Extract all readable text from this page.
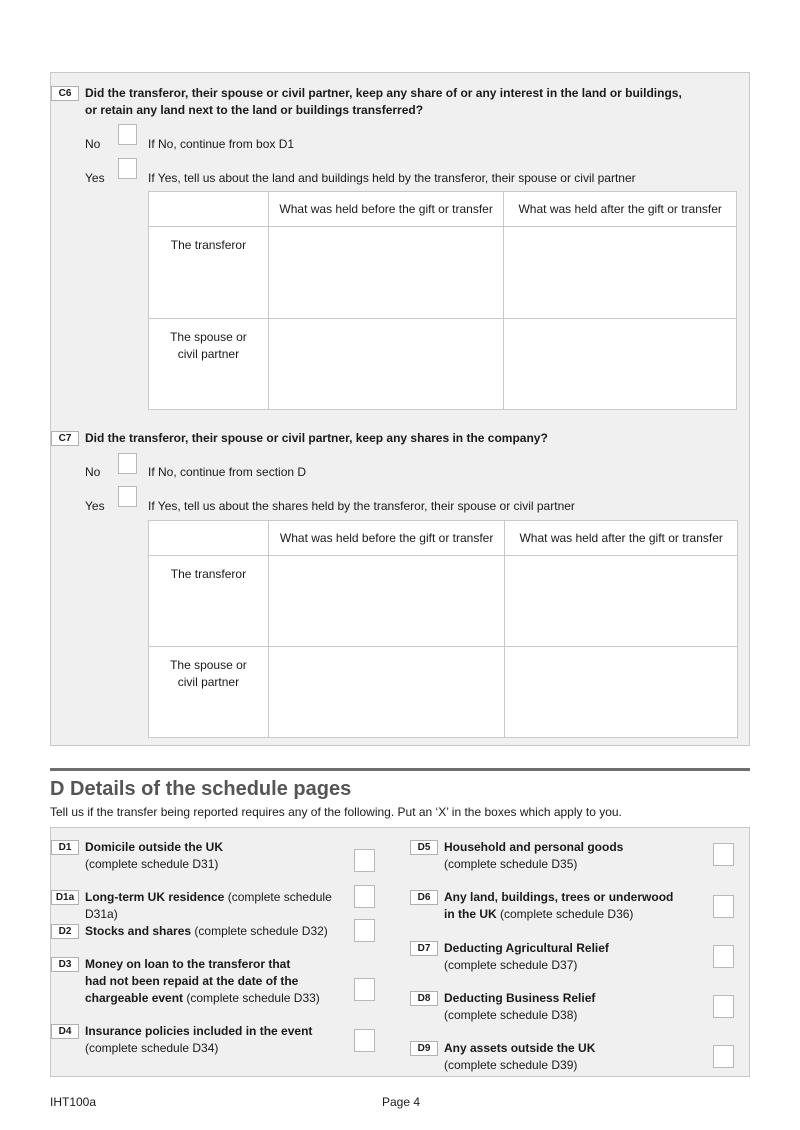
C6	Did the transferor, their spouse or civil partner, keep any share of or any interest in the land or buildings,
or retain any land next to the land or buildings transferred?
No	If No, continue from box D1
Yes	If Yes, tell us about the land and buildings held by the transferor, their spouse or civil partner
	What was held before the gift or transfer	What was held after the gift or transfer
The transferor		

The spouse or
civil partner		

C7	Did the transferor, their spouse or civil partner, keep any shares in the company?
No	If No, continue from section D
Yes	If Yes, tell us about the shares held by the transferor, their spouse or civil partner
	What was held before the gift or transfer	What was held after the gift or transfer
The transferor		

The spouse or
civil partner		

D Details of the schedule pages
Tell us if the transfer being reported requires any of the following. Put an ‘X’ in the boxes which apply to you.
D1	Domicile outside the UK
(complete schedule D31)
D1a Long-term UK residence (complete schedule D31a)
D2	Stocks and shares (complete schedule D32)
D3	Money on loan to the transferor that
had not been repaid at the date of the
chargeable event (complete schedule D33)
D4	Insurance policies included in the event
(complete schedule D34)
D5	Household and personal goods
(complete schedule D35)
D6	Any land, buildings, trees or underwood
in the UK (complete schedule D36)
D7	Deducting Agricultural Relief
(complete schedule D37)
D8	Deducting Business Relief
(complete schedule D38)
D9	Any assets outside the UK
(complete schedule D39)
IHT100a	Page 4
